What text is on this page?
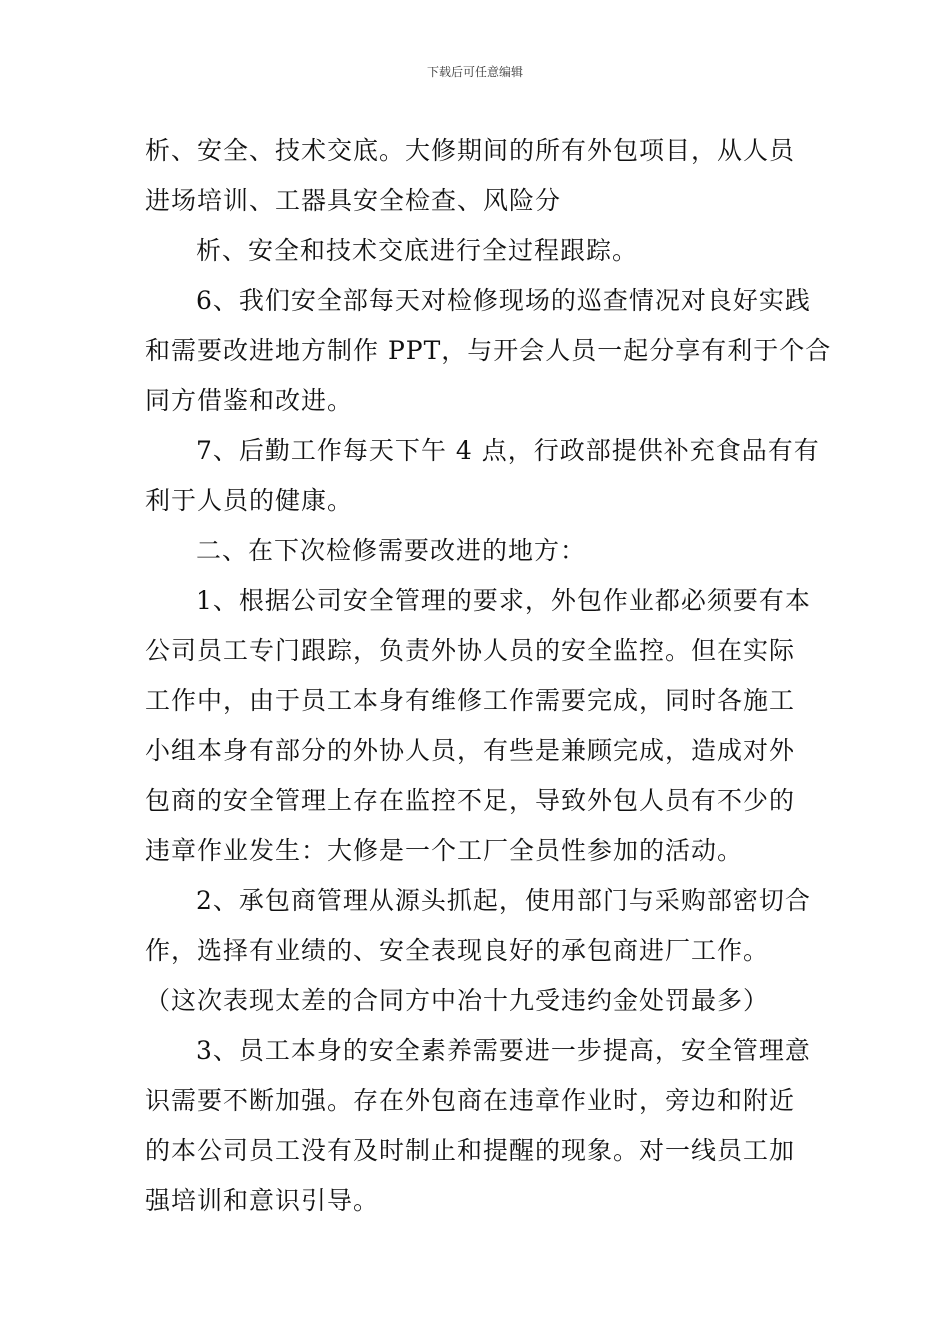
下载后可任意编辑
析、安全、技术交底。大修期间的所有外包项目，从人员
进场培训、工器具安全检查、风险分
析、安全和技术交底进行全过程跟踪。
6、我们安全部每天对检修现场的巡查情况对良好实践
和需要改进地方制作 PPT，与开会人员一起分享有利于个合
同方借鉴和改进。
7、后勤工作每天下午 4 点，行政部提供补充食品有有
利于人员的健康。
二、在下次检修需要改进的地方：
1、根据公司安全管理的要求，外包作业都必须要有本
公司员工专门跟踪，负责外协人员的安全监控。但在实际
工作中，由于员工本身有维修工作需要完成，同时各施工
小组本身有部分的外协人员，有些是兼顾完成，造成对外
包商的安全管理上存在监控不足，导致外包人员有不少的
违章作业发生：大修是一个工厂全员性参加的活动。
2、承包商管理从源头抓起，使用部门与采购部密切合
作，选择有业绩的、安全表现良好的承包商进厂工作。
（这次表现太差的合同方中冶十九受违约金处罚最多）
3、员工本身的安全素养需要进一步提高，安全管理意
识需要不断加强。存在外包商在违章作业时，旁边和附近
的本公司员工没有及时制止和提醒的现象。对一线员工加
强培训和意识引导。
